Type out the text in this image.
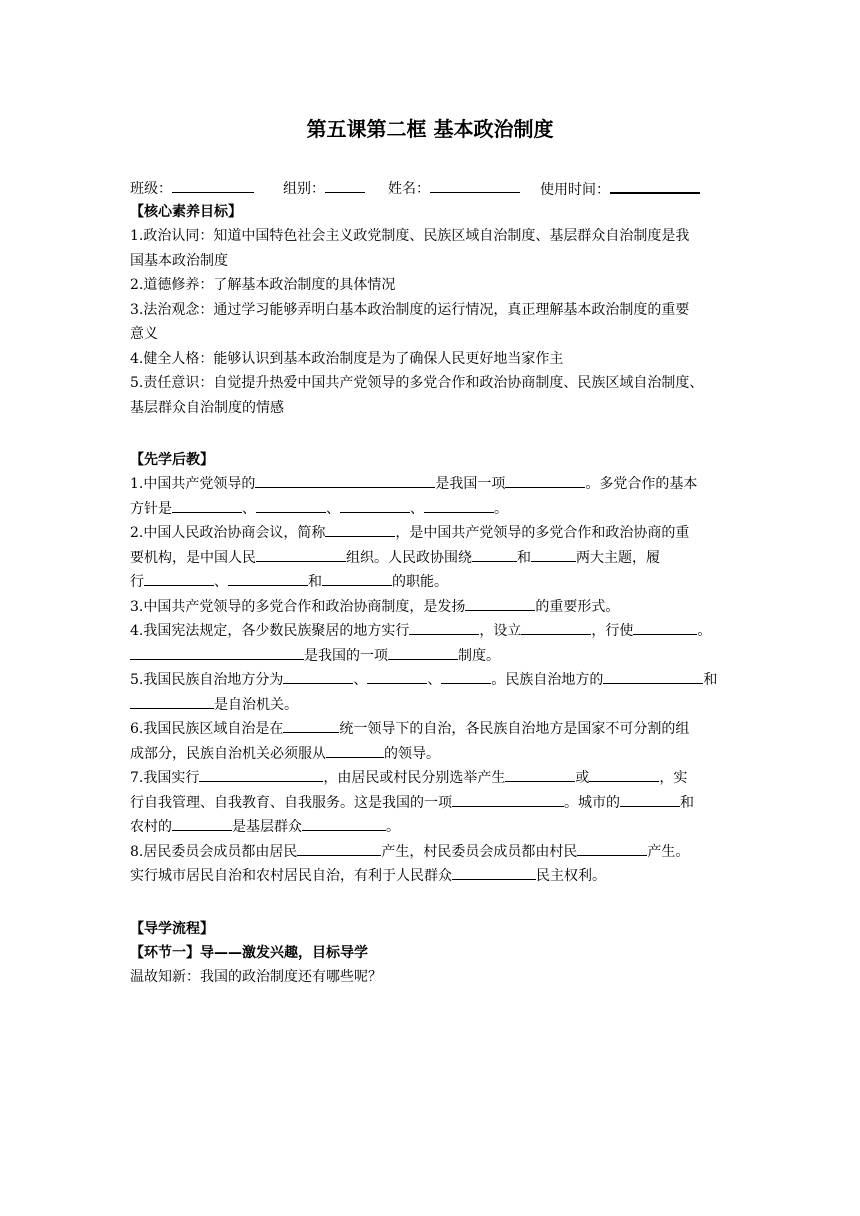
第五课第二框 基本政治制度
班级：	组别：	姓名：	使用时间：
【核心素养目标】
1.政治认同：知道中国特色社会主义政党制度、民族区域自治制度、基层群众自治制度是我
国基本政治制度
2.道德修养：了解基本政治制度的具体情况
3.法治观念：通过学习能够弄明白基本政治制度的运行情况，真正理解基本政治制度的重要
意义
4.健全人格：能够认识到基本政治制度是为了确保人民更好地当家作主
5.责任意识：自觉提升热爱中国共产党领导的多党合作和政治协商制度、民族区域自治制度、
基层群众自治制度的情感
【先学后教】
1.中国共产党领导的	是我国一项	。多党合作的基本
方针是	、	、	、	。
2.中国人民政治协商会议，简称	，是中国共产党领导的多党合作和政治协商的重
要机构，是中国人民	组织。人民政协围绕	和	两大主题，履
行	、	和	的职能。
3.中国共产党领导的多党合作和政治协商制度，是发扬	的重要形式。
4.我国宪法规定，各少数民族聚居的地方实行	，设立	，行使	。
是我国的一项	制度。
5.我国民族自治地方分为	、	、	。民族自治地方的	和
是自治机关。
6.我国民族区域自治是在	统一领导下的自治，各民族自治地方是国家不可分割的组
成部分，民族自治机关必须服从	的领导。
7.我国实行	，由居民或村民分别选举产生	或	，实
行自我管理、自我教育、自我服务。这是我国的一项	。城市的	和
农村的	是基层群众	。
8.居民委员会成员都由居民	产生，村民委员会成员都由村民	产生。
实行城市居民自治和农村居民自治，有利于人民群众	民主权利。
【导学流程】
【环节一】导——激发兴趣，目标导学
温故知新：我国的政治制度还有哪些呢？
